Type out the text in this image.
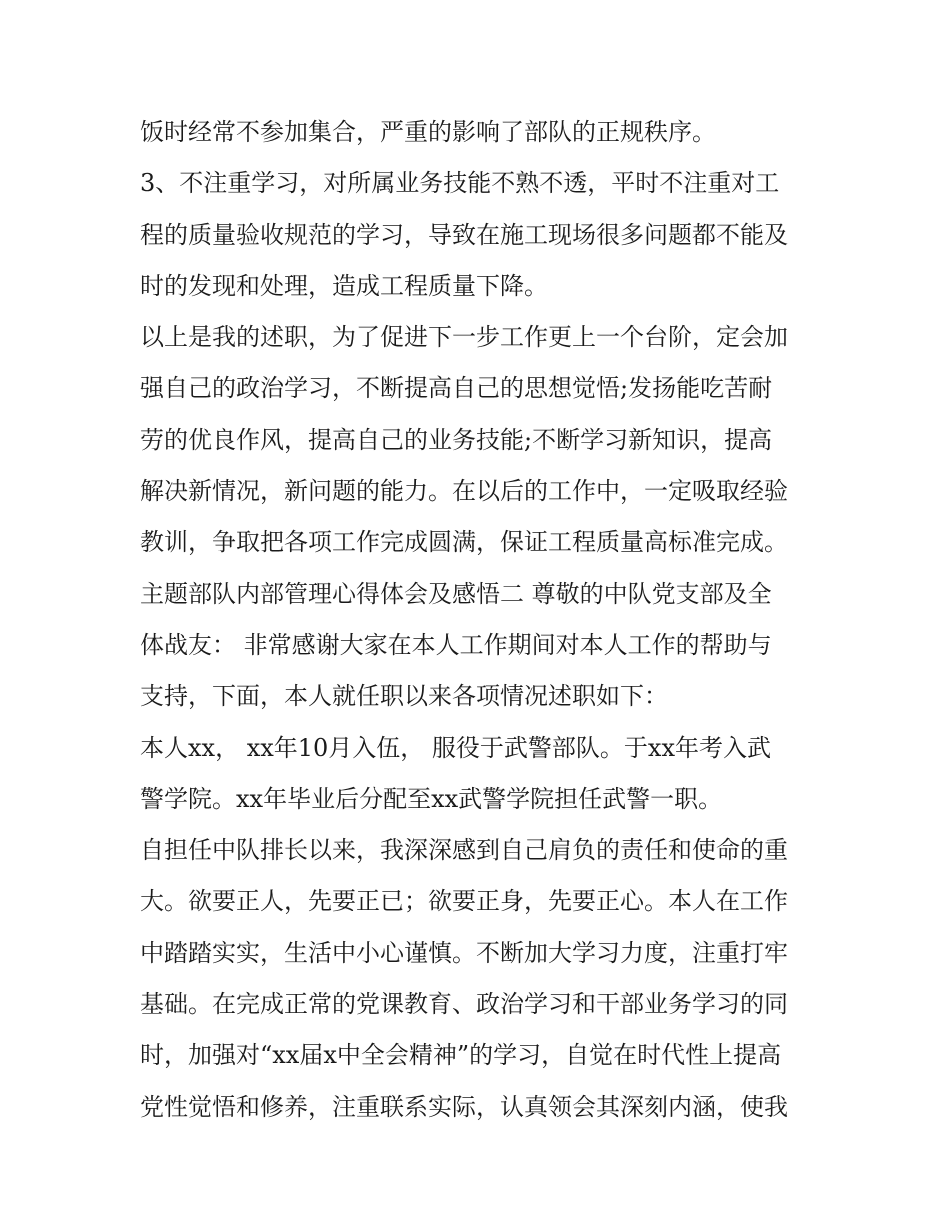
饭时经常不参加集合，严重的影响了部队的正规秩序。
3、不注重学习，对所属业务技能不熟不透，平时不注重对工
程的质量验收规范的学习，导致在施工现场很多问题都不能及
时的发现和处理，造成工程质量下降。
以上是我的述职，为了促进下一步工作更上一个台阶，定会加
强自己的政治学习，不断提高自己的思想觉悟;发扬能吃苦耐
劳的优良作风，提高自己的业务技能;不断学习新知识，提高
解决新情况，新问题的能力。在以后的工作中，一定吸取经验
教训，争取把各项工作完成圆满，保证工程质量高标准完成。
主题部队内部管理心得体会及感悟二 尊敬的中队党支部及全
体战友： 非常感谢大家在本人工作期间对本人工作的帮助与
支持，下面，本人就任职以来各项情况述职如下：
本人xx， xx年10月入伍， 服役于武警部队。于xx年考入武
警学院。xx年毕业后分配至xx武警学院担任武警一职。
自担任中队排长以来，我深深感到自己肩负的责任和使命的重
大。欲要正人，先要正已；欲要正身，先要正心。本人在工作
中踏踏实实，生活中小心谨慎。不断加大学习力度，注重打牢
基础。在完成正常的党课教育、政治学习和干部业务学习的同
时，加强对“xx届x中全会精神”的学习，自觉在时代性上提高
党性觉悟和修养，注重联系实际，认真领会其深刻内涵，使我
